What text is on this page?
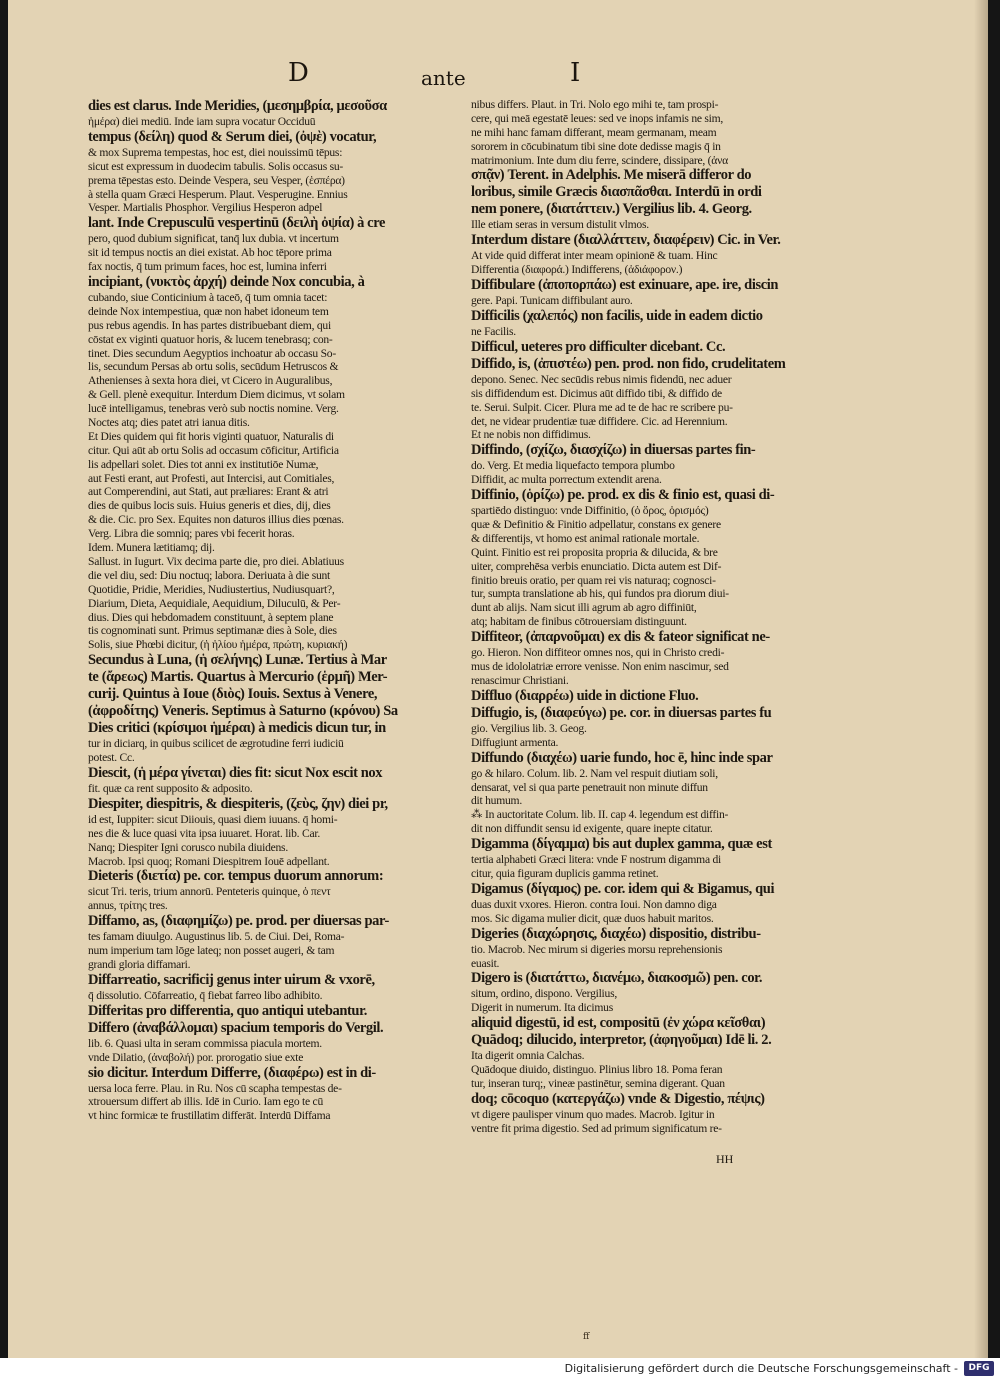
D	ante	I
dies est clarus. Inde Meridies, (μεσημβρία, μεσοῦσα
ἡμέρα) diei mediū. Inde iam supra vocatur Occiduū
tempus (δείλη) quod & Serum diei, (ὀψὲ) vocatur,
& mox Suprema tempestas, hoc est, diei nouissimū tēpus:
sicut est expressum in duodecim tabulis. Solis occasus su-
prema tēpestas esto. Deinde Vespera, seu Vesper, (ἑσπέρα)
à stella quam Græci Hesperum. Plaut. Vesperugine. Ennius
Vesper. Martialis Phosphor. Vergilius Hesperon adpel
lant. Inde Crepusculū vespertinū (δειλὴ ὀψία) à cre
pero, quod dubium significat, tanq̄ lux dubia. vt incertum
sit id tempus noctis an diei existat. Ab hoc tēpore prima
fax noctis, q̄ tum primum faces, hoc est, lumina inferri
incipiant, (νυκτὸς ἀρχή) deinde Nox concubia, à
cubando, siue Conticinium à taceō, q̄ tum omnia tacet:
deinde Nox intempestiua, quæ non habet idoneum tem
pus rebus agendis. In has partes distribuebant diem, qui
cōstat ex viginti quatuor horis, & lucem tenebrasq; con-
tinet. Dies secundum Aegyptios inchoatur ab occasu So-
lis, secundum Persas ab ortu solis, secūdum Hetruscos &
Athenienses à sexta hora diei, vt Cicero in Auguralibus,
& Gell. plenè exequitur. Interdum Diem dicimus, vt solam
lucē intelligamus, tenebras verò sub noctis nomine. Verg.
Noctes atq; dies patet atri ianua ditis.
Et Dies quidem qui fit horis viginti quatuor, Naturalis di
citur. Qui aūt ab ortu Solis ad occasum cōficitur, Artificia
lis adpellari solet. Dies tot anni ex institutiōe Numæ,
aut Festi erant, aut Profesti, aut Intercisi, aut Comitiales,
aut Comperendini, aut Stati, aut præliares: Erant & atri
dies de quibus locis suis. Huius generis et dies, dij, dies
& die. Cic. pro Sex. Equites non daturos illius dies pœnas.
Verg. Libra die somniq; pares vbi fecerit horas.
Idem. Munera lætitiamq; dij.
Sallust. in Iugurt. Vix decima parte die, pro diei. Ablatiuus
die vel diu, sed: Diu noctuq; labora. Deriuata à die sunt
Quotidie, Pridie, Meridies, Nudiustertius, Nudiusquart?,
Diarium, Dieta, Aequidiale, Aequidium, Diluculū, & Per-
dius. Dies qui hebdomadem constituunt, à septem plane
tis cognominati sunt. Primus septimanæ dies à Sole, dies
Solis, siue Phœbi dicitur, (ἡ ἡλίου ἡμέρα, πρώτη, κυριακή)
Secundus à Luna, (ἡ σελήνης) Lunæ. Tertius à Mar
te (ἄρεως) Martis. Quartus à Mercurio (ἑρμῆ) Mer-
curij. Quintus à Ioue (διὸς) Iouis. Sextus à Venere,
(ἀφροδίτης) Veneris. Septimus à Saturno (κρόνου) Sa
Dies critici (κρίσιμοι ἡμέραι) à medicis dicun tur, in
tur in diciarq, in quibus scilicet de ægrotudine ferri iudiciū
potest. Cc.
Diescit, (ἡ μέρα γίνεται) dies fit: sicut Nox escit nox
fit. quæ ca rent supposito & adposito.
Diespiter, diespitris, & diespiteris, (ζεὺς, ζην) diei pr,
id est, Iuppiter: sicut Diiouis, quasi diem iuuans. q̄ homi-
nes die & luce quasi vita ipsa iuuaret. Horat. lib. Car.
Nanq; Diespiter Igni corusco nubila diuidens.
Macrob. Ipsi quoq; Romani Diespitrem Iouē adpellant.
Dieteris (διετία) pe. cor. tempus duorum annorum:
sicut Tri. teris, trium annorū. Penteteris quinque, ὁ πεντ
annus, τρίτης tres.
Diffamo, as, (διαφημίζω) pe. prod. per diuersas par-
tes famam diuulgo. Augustinus lib. 5. de Ciui. Dei, Roma-
num imperium tam lōge lateq; non posset augeri, & tam
grandi gloria diffamari.
Diffarreatio, sacrificij genus inter uirum & vxorē,
q̄ dissolutio. Cōfarreatio, q̄ fiebat farreo libo adhibito.
Differitas pro differentia, quo antiqui utebantur.
Differo (ἀναβάλλομαι) spacium temporis do Vergil.
lib. 6. Quasi ulta in seram commissa piacula mortem.
vnde Dilatio, (ἀναβολή) por. prorogatio siue exte
sio dicitur. Interdum Differre, (διαφέρω) est in di-
uersa loca ferre. Plau. in Ru. Nos cū scapha tempestas de-
xtrouersum differt ab illis. Idē in Curio. Iam ego te cū
vt hinc formicæ te frustillatim differāt. Interdū Diffama
nibus differs. Plaut. in Tri. Nolo ego mihi te, tam prospi-
cere, qui meā egestatē leues: sed ve inops infamis ne sim,
ne mihi hanc famam differant, meam germanam, meam
sororem in cōcubinatum tibi sine dote dedisse magis q̄ in
matrimonium. Inte dum diu ferre, scindere, dissipare, (ἀνα
σπᾷν) Terent. in Adelphis. Me miserā differor do
loribus, simile Græcis διασπᾶσθαι. Interdū in ordi
nem ponere, (διατάττειν.) Vergilius lib. 4. Georg.
Ille etiam seras in versum distulit vlmos.
Interdum distare (διαλλάττειν, διαφέρειν) Cic. in Ver.
At vide quid differat inter meam opinionē & tuam. Hinc
Differentia (διαφορά.) Indifferens, (ἀδιάφορον.)
Diffibulare (ἀποπορπάω) est exinuare, ape. ire, discin
gere. Papi. Tunicam diffibulant auro.
Difficilis (χαλεπός) non facilis, uide in eadem dictio
ne Facilis.
Difficul, ueteres pro difficulter dicebant. Cc.
Diffido, is, (ἀπιστέω) pen. prod. non fido, crudelitatem
depono. Senec. Nec secūdis rebus nimis fidendū, nec aduer
sis diffidendum est. Dicimus aūt diffido tibi, & diffido de
te. Serui. Sulpit. Cicer. Plura me ad te de hac re scribere pu-
det, ne videar prudentiæ tuæ diffidere. Cic. ad Herennium.
Et ne nobis non diffidimus.
Diffindo, (σχίζω, διασχίζω) in diuersas partes fin-
do. Verg. Et media liquefacto tempora plumbo
Diffidit, ac multa porrectum extendit arena.
Diffinio, (ὁρίζω) pe. prod. ex dis & finio est, quasi di-
spartiēdo distinguo: vnde Diffinitio, (ὁ ὅρος, ὁρισμός)
quæ & Definitio & Finitio adpellatur, constans ex genere
& differentijs, vt homo est animal rationale mortale.
Quint. Finitio est rei proposita propria & dilucida, & bre
uiter, comprehēsa verbis enunciatio. Dicta autem est Dif-
finitio breuis oratio, per quam rei vis naturaq; cognosci-
tur, sumpta translatione ab his, qui fundos pra diorum diui-
dunt ab alijs. Nam sicut illi agrum ab agro diffiniūt,
atq; habitam de finibus cōtrouersiam distinguunt.
Diffiteor, (ἀπαρνοῦμαι) ex dis & fateor significat ne-
go. Hieron. Non diffiteor omnes nos, qui in Christo credi-
mus de idololatriæ errore venisse. Non enim nascimur, sed
renascimur Christiani.
Diffluo (διαρρέω) uide in dictione Fluo.
Diffugio, is, (διαφεύγω) pe. cor. in diuersas partes fu
gio. Vergilius lib. 3. Geog.
Diffugiunt armenta.
Diffundo (διαχέω) uarie fundo, hoc ē, hinc inde spar
go & hilaro. Colum. lib. 2. Nam vel respuit diutiam soli,
densarat, vel si qua parte penetrauit non minute diffun
dit humum.
⁂ In auctoritate Colum. lib. II. cap 4. legendum est diffin-
dit non diffundit sensu id exigente, quare inepte citatur.
Digamma (δίγαμμα) bis aut duplex gamma, quæ est
tertia alphabeti Græci litera: vnde F nostrum digamma di
citur, quia figuram duplicis gamma retinet.
Digamus (δίγαμος) pe. cor. idem qui & Bigamus, qui
duas duxit vxores. Hieron. contra Ioui. Non damno diga
mos. Sic digama mulier dicit, quæ duos habuit maritos.
Digeries (διαχώρησις, διαχέω) dispositio, distribu-
tio. Macrob. Nec mirum si digeries morsu reprehensionis
euasit.
Digero is (διατάττω, διανέμω, διακοσμῶ) pen. cor.
situm, ordino, dispono. Vergilius,
Digerit in numerum. Ita dicimus
aliquid digestū, id est, compositū (ἐν χώρα κεῖσθαι)
Quādoq; dilucido, interpretor, (ἀφηγοῦμαι) Idē li. 2.
Ita digerit omnia Calchas.
Quādoque diuido, distinguo. Plinius libro 18. Poma feran
tur, inseran turq;, vineæ pastinētur, semina digerant. Quan
doq; cōcoquo (κατεργάζω) vnde & Digestio, πέψις)
vt digere paulisper vinum quo mades. Macrob. Igitur in
ventre fit prima digestio. Sed ad primum significatum re-
HH
ff
Digitalisierung gefördert durch die Deutsche Forschungsgemeinschaft -	DFG
